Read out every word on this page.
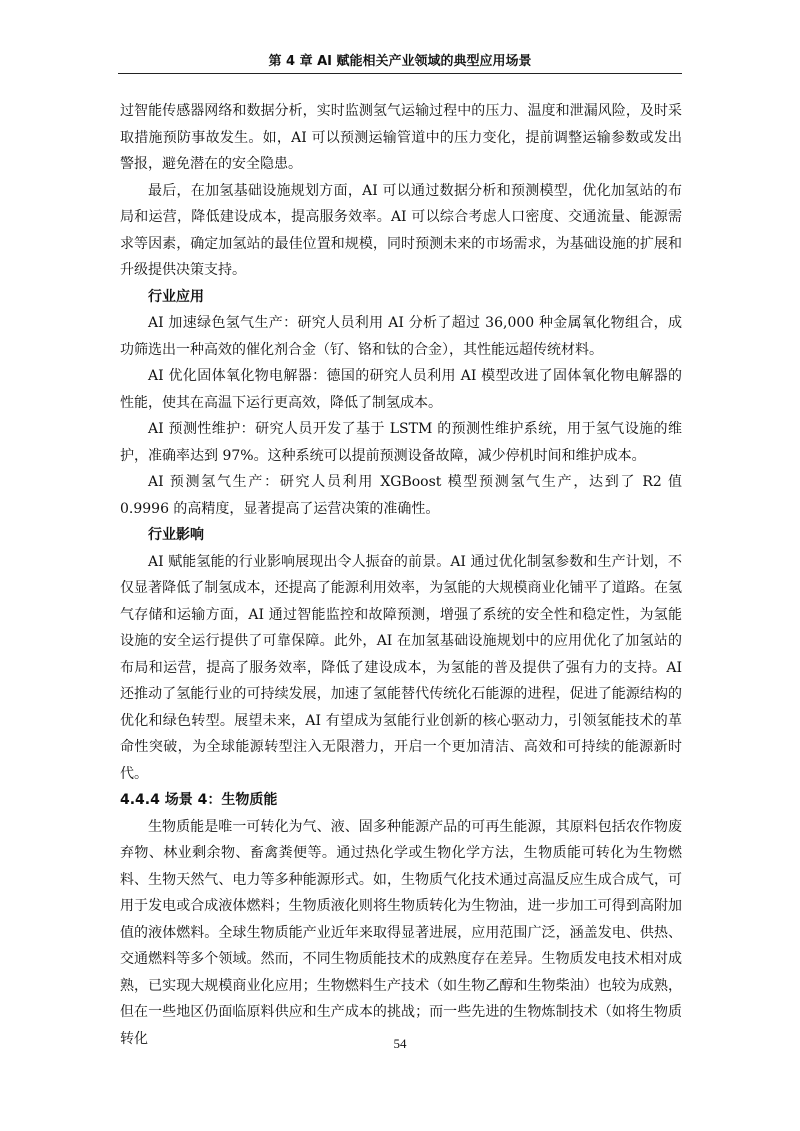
第 4 章 AI 赋能相关产业领域的典型应用场景

过智能传感器网络和数据分析，实时监测氢气运输过程中的压力、温度和泄漏风险，及时采取措施预防事故发生。如，AI 可以预测运输管道中的压力变化，提前调整运输参数或发出警报，避免潜在的安全隐患。

最后，在加氢基础设施规划方面，AI 可以通过数据分析和预测模型，优化加氢站的布局和运营，降低建设成本，提高服务效率。AI 可以综合考虑人口密度、交通流量、能源需求等因素，确定加氢站的最佳位置和规模，同时预测未来的市场需求，为基础设施的扩展和升级提供决策支持。

行业应用

AI 加速绿色氢气生产：研究人员利用 AI 分析了超过 36,000 种金属氧化物组合，成功筛选出一种高效的催化剂合金（钌、铬和钛的合金），其性能远超传统材料。

AI 优化固体氧化物电解器：德国的研究人员利用 AI 模型改进了固体氧化物电解器的性能，使其在高温下运行更高效，降低了制氢成本。

AI 预测性维护：研究人员开发了基于 LSTM 的预测性维护系统，用于氢气设施的维护，准确率达到 97%。这种系统可以提前预测设备故障，减少停机时间和维护成本。

AI 预测氢气生产：研究人员利用 XGBoost 模型预测氢气生产，达到了 R2 值 0.9996 的高精度，显著提高了运营决策的准确性。

行业影响

AI 赋能氢能的行业影响展现出令人振奋的前景。AI 通过优化制氢参数和生产计划，不仅显著降低了制氢成本，还提高了能源利用效率，为氢能的大规模商业化铺平了道路。在氢气存储和运输方面，AI 通过智能监控和故障预测，增强了系统的安全性和稳定性，为氢能设施的安全运行提供了可靠保障。此外，AI 在加氢基础设施规划中的应用优化了加氢站的布局和运营，提高了服务效率，降低了建设成本，为氢能的普及提供了强有力的支持。AI 还推动了氢能行业的可持续发展，加速了氢能替代传统化石能源的进程，促进了能源结构的优化和绿色转型。展望未来，AI 有望成为氢能行业创新的核心驱动力，引领氢能技术的革命性突破，为全球能源转型注入无限潜力，开启一个更加清洁、高效和可持续的能源新时代。

4.4.4 场景 4：生物质能

生物质能是唯一可转化为气、液、固多种能源产品的可再生能源，其原料包括农作物废弃物、林业剩余物、畜禽粪便等。通过热化学或生物化学方法，生物质能可转化为生物燃料、生物天然气、电力等多种能源形式。如，生物质气化技术通过高温反应生成合成气，可用于发电或合成液体燃料；生物质液化则将生物质转化为生物油，进一步加工可得到高附加值的液体燃料。全球生物质能产业近年来取得显著进展，应用范围广泛，涵盖发电、供热、交通燃料等多个领域。然而，不同生物质能技术的成熟度存在差异。生物质发电技术相对成熟，已实现大规模商业化应用；生物燃料生产技术（如生物乙醇和生物柴油）也较为成熟，但在一些地区仍面临原料供应和生产成本的挑战；而一些先进的生物炼制技术（如将生物质转化	54
